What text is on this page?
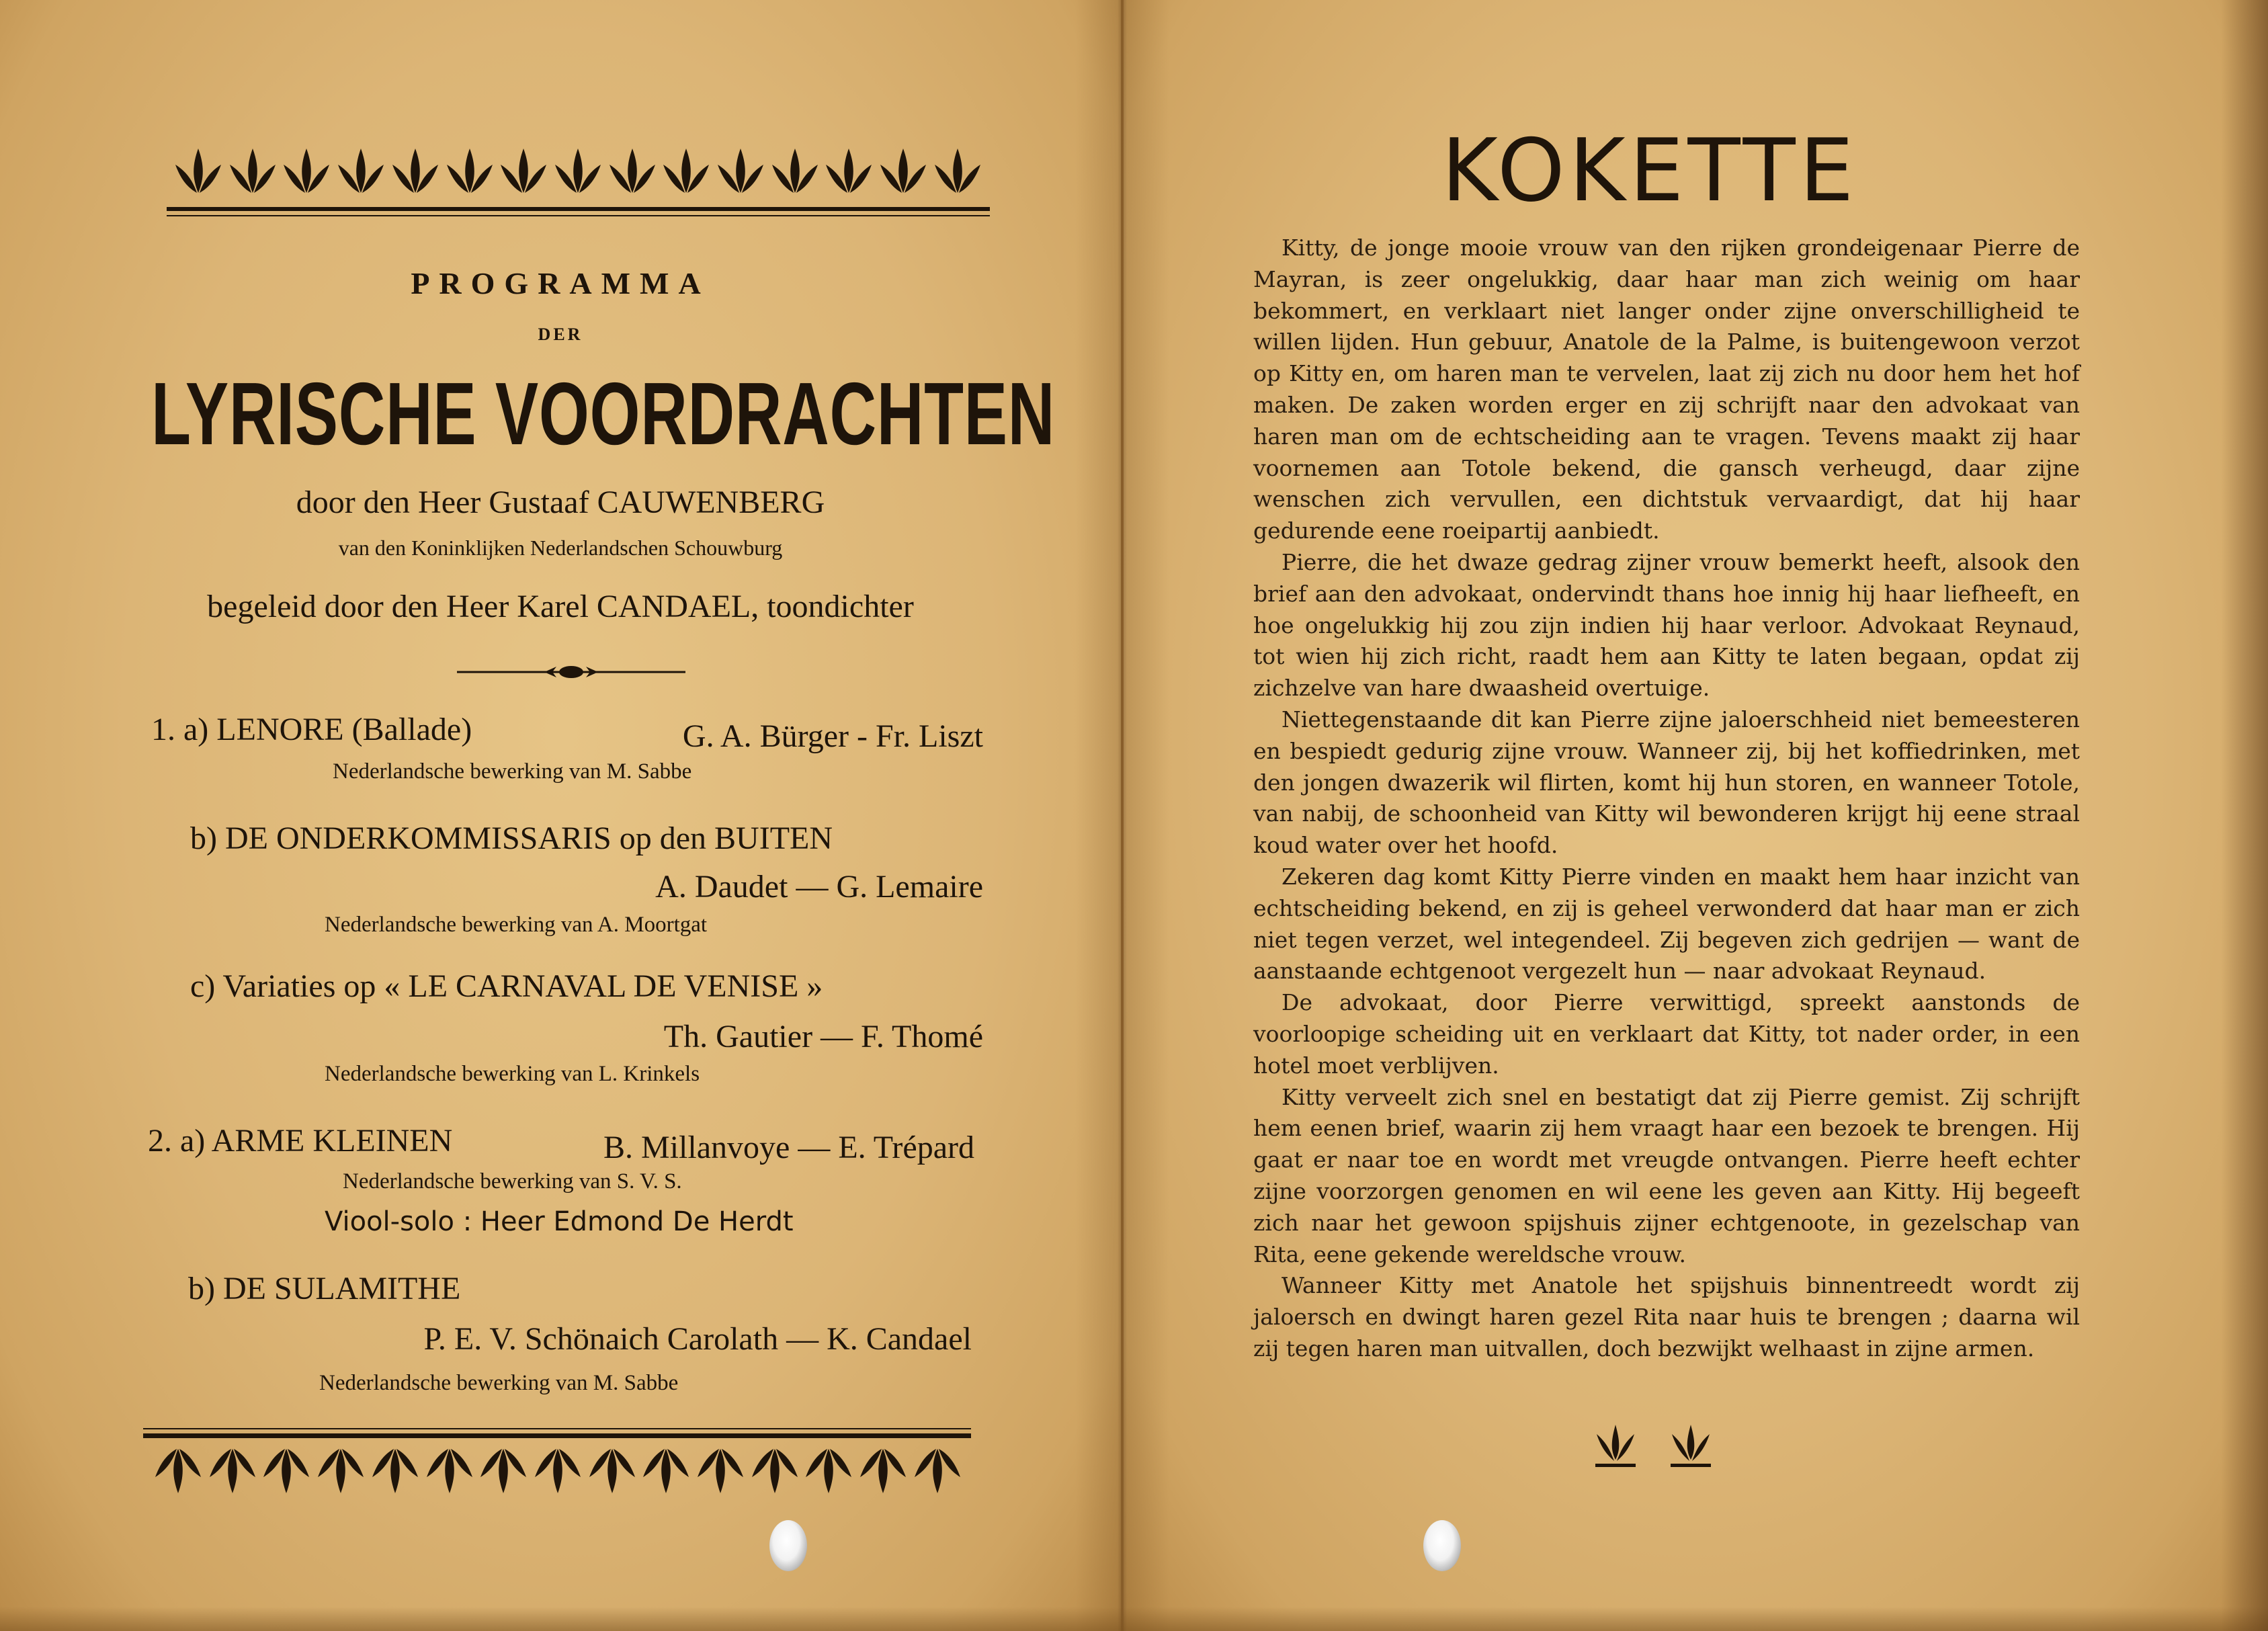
PROGRAMMA
DER
LYRISCHE VOORDRACHTEN
door den Heer Gustaaf CAUWENBERG
van den Koninklijken Nederlandschen Schouwburg
begeleid door den Heer Karel CANDAEL, toondichter
1. a) LENORE (Ballade)	G. A. Bürger - Fr. Liszt
Nederlandsche bewerking van M. Sabbe
b) DE ONDERKOMMISSARIS op den BUITEN
A. Daudet — G. Lemaire
Nederlandsche bewerking van A. Moortgat
c) Variaties op « LE CARNAVAL DE VENISE »
Th. Gautier — F. Thomé
Nederlandsche bewerking van L. Krinkels
2. a) ARME KLEINEN	B. Millanvoye — E. Trépard
Nederlandsche bewerking van S. V. S.
Viool-solo : Heer Edmond De Herdt
b) DE SULAMITHE
P. E. V. Schönaich Carolath — K. Candael
Nederlandsche bewerking van M. Sabbe
KOKETTE

Kitty, de jonge mooie vrouw van den rijken grondeigenaar Pierre de Mayran, is zeer ongelukkig, daar haar man zich weinig om haar bekommert, en verklaart niet langer onder zijne onverschilligheid te willen lijden. Hun gebuur, Anatole de la Palme, is buitengewoon verzot op Kitty en, om haren man te vervelen, laat zij zich nu door hem het hof maken. De zaken worden erger en zij schrijft naar den advokaat van haren man om de echtscheiding aan te vragen. Tevens maakt zij haar voornemen aan Totole bekend, die gansch verheugd, daar zijne wenschen zich vervullen, een dichtstuk vervaardigt, dat hij haar gedurende eene roeipartij aanbiedt.

Pierre, die het dwaze gedrag zijner vrouw bemerkt heeft, alsook den brief aan den advokaat, ondervindt thans hoe innig hij haar liefheeft, en hoe ongelukkig hij zou zijn indien hij haar verloor. Advokaat Reynaud, tot wien hij zich richt, raadt hem aan Kitty te laten begaan, opdat zij zichzelve van hare dwaasheid overtuige.

Niettegenstaande dit kan Pierre zijne jaloerschheid niet bemeesteren en bespiedt gedurig zijne vrouw. Wanneer zij, bij het koffiedrinken, met den jongen dwazerik wil flirten, komt hij hun storen, en wanneer Totole, van nabij, de schoonheid van Kitty wil bewonderen krijgt hij eene straal koud water over het hoofd.

Zekeren dag komt Kitty Pierre vinden en maakt hem haar inzicht van echtscheiding bekend, en zij is geheel verwonderd dat haar man er zich niet tegen verzet, wel integendeel. Zij begeven zich gedrijen — want de aanstaande echtgenoot vergezelt hun — naar advokaat Reynaud.

De advokaat, door Pierre verwittigd, spreekt aanstonds de voorloopige scheiding uit en verklaart dat Kitty, tot nader order, in een hotel moet verblijven.

Kitty verveelt zich snel en bestatigt dat zij Pierre gemist. Zij schrijft hem eenen brief, waarin zij hem vraagt haar een bezoek te brengen. Hij gaat er naar toe en wordt met vreugde ontvangen. Pierre heeft echter zijne voorzorgen genomen en wil eene les geven aan Kitty. Hij begeeft zich naar het gewoon spijshuis zijner echtgenoote, in gezelschap van Rita, eene gekende wereldsche vrouw.

Wanneer Kitty met Anatole het spijshuis binnentreedt wordt zij jaloersch en dwingt haren gezel Rita naar huis te brengen ; daarna wil zij tegen haren man uitvallen, doch bezwijkt welhaast in zijne armen.
